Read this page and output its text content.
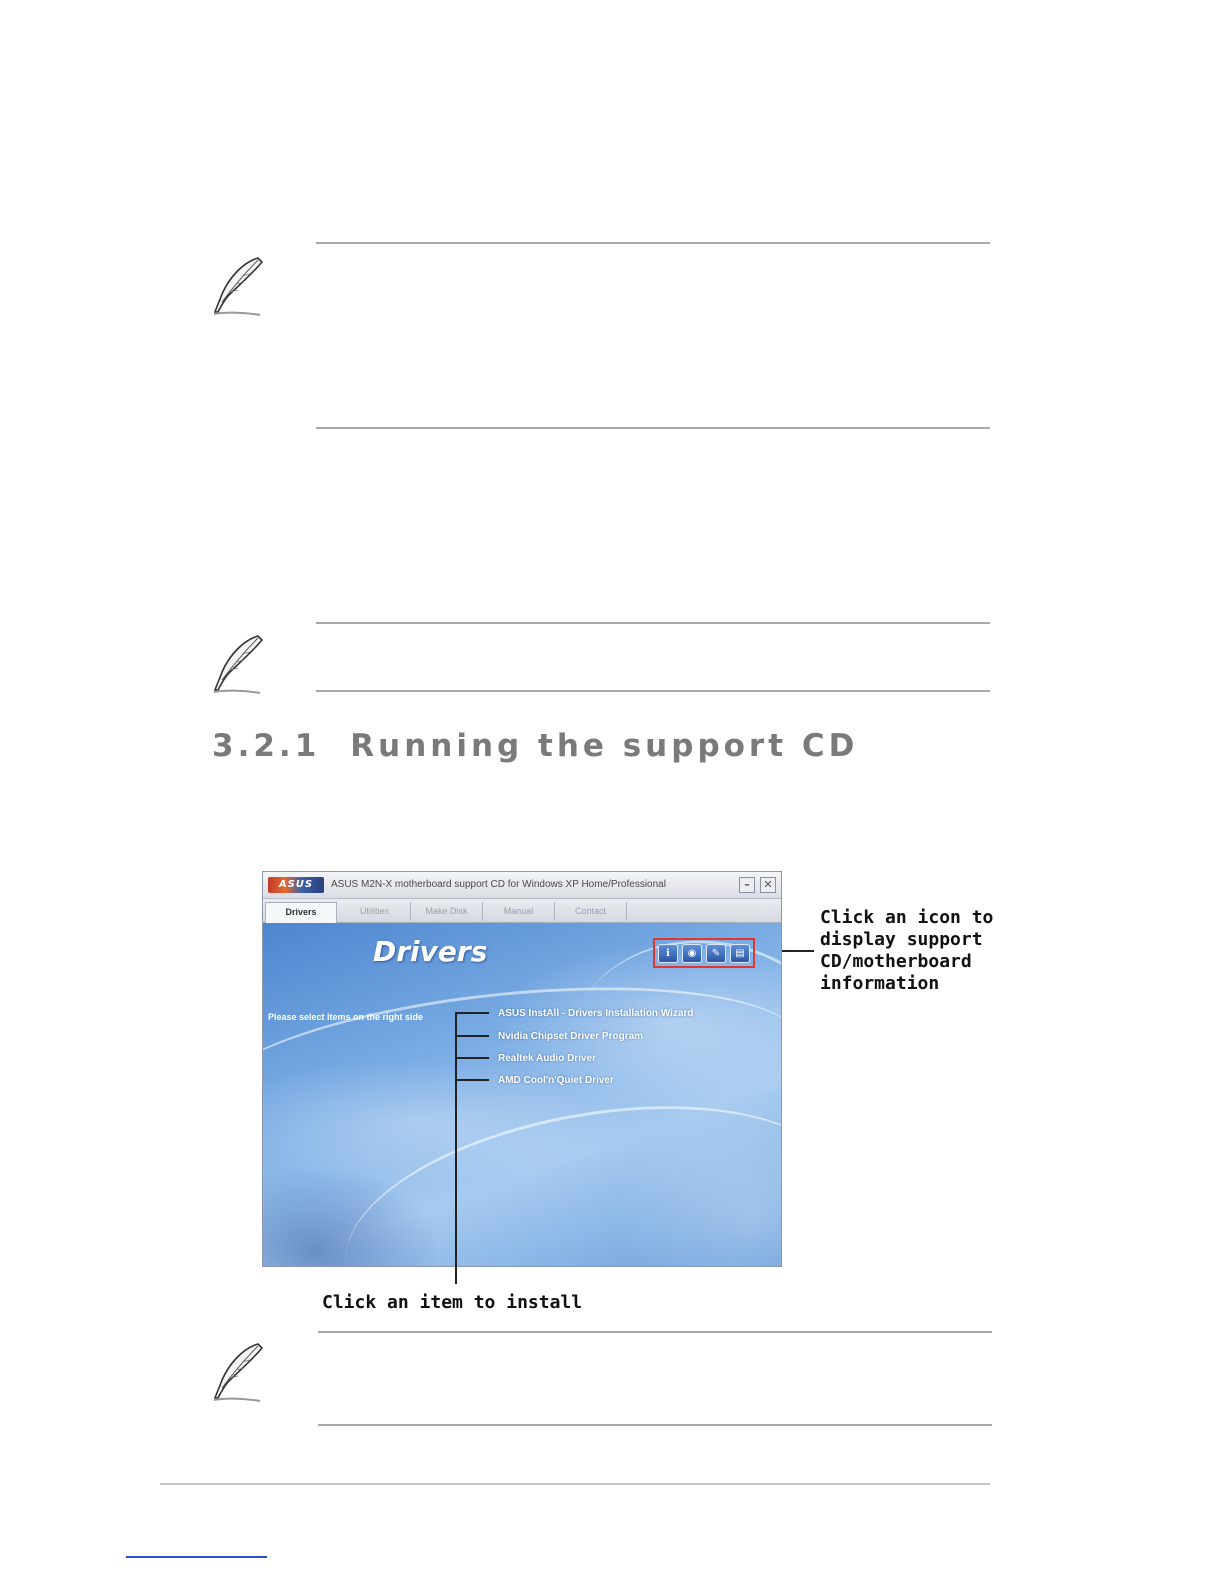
3.2.1 Running the support CD
ASUS	ASUS M2N-X motherboard support CD for Windows XP Home/Professional	–	✕
Drivers	Utilities	Make Disk	Manual	Contact
Drivers	ℹ	◉	✎	▤
Please select items on the right side	ASUS InstAll - Drivers Installation Wizard
Nvidia Chipset Driver Program
Realtek Audio Driver
AMD Cool'n'Quiet Driver
Click an item to install
Click an icon to
display support
CD/motherboard
information
